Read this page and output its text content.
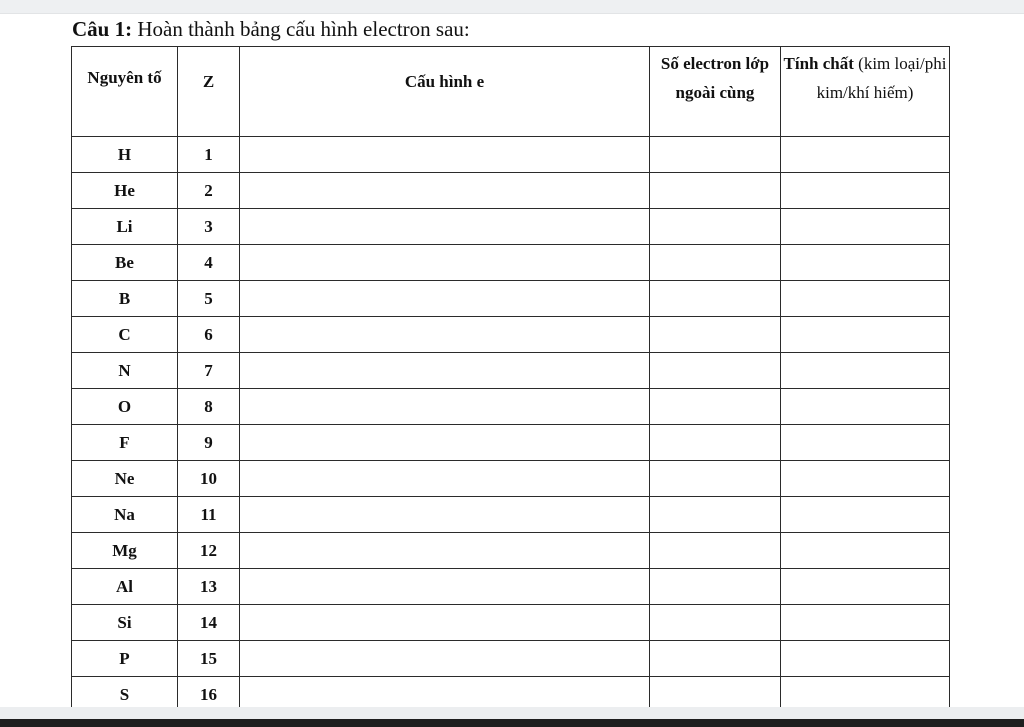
Câu 1: Hoàn thành bảng cấu hình electron sau:
Nguyên tố	Z	Cấu hình e	Số electron lớp ngoài cùng	Tính chất (kim loại/phi kim/khí hiếm)
H	1			
He	2			
Li	3			
Be	4			
B	5			
C	6			
N	7			
O	8			
F	9			
Ne	10			
Na	11			
Mg	12			
Al	13			
Si	14			
P	15			
S	16			
